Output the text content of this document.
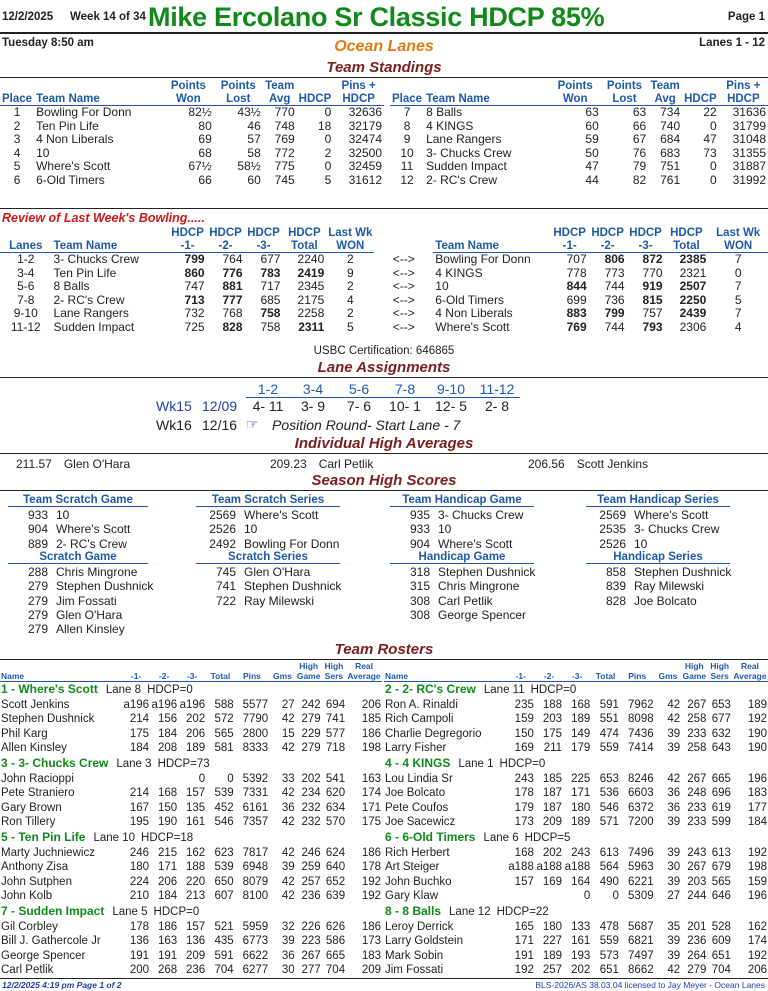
12/2/2025 Week 14 of 34 Mike Ercolano Sr Classic HDCP 85%	Page 1
Tuesday 8:50 am	Ocean Lanes	Lanes 1 - 12
Team Standings
		Points	Points	Team		Pins +
Place	Team Name	Won	Lost	Avg	HDCP	HDCP
1	Bowling For Donn	82½	43½	770	0	32636
2	Ten Pin Life	80	46	748	18	32179
3	4 Non Liberals	69	57	769	0	32474
4	10	68	58	772	2	32500
5	Where's Scott	67½	58½	775	0	32459
6	6-Old Timers	66	60	745	5	31612
		Points	Points	Team		Pins +
Place	Team Name	Won	Lost	Avg	HDCP	HDCP
7	8 Balls	63	63	734	22	31636
8	4 KINGS	60	66	740	0	31799
9	Lane Rangers	59	67	684	47	31048
10	3- Chucks Crew	50	76	683	73	31355
11	Sudden Impact	47	79	751	0	31887
12	2- RC's Crew	44	82	761	0	31992
Review of Last Week's Bowling.....
		HDCP	HDCP	HDCP	HDCP	Last Wk			HDCP	HDCP	HDCP	HDCP	Last Wk
Lanes	Team Name	-1-	-2-	-3-	Total	WON		Team Name	-1-	-2-	-3-	Total	WON
1-2	3- Chucks Crew	799	764	677	2240	2	<-->	Bowling For Donn	707	806	872	2385	7
3-4	Ten Pin Life	860	776	783	2419	9	<-->	4 KINGS	778	773	770	2321	0
5-6	8 Balls	747	881	717	2345	2	<-->	10	844	744	919	2507	7
7-8	2- RC's Crew	713	777	685	2175	4	<-->	6-Old Timers	699	736	815	2250	5
9-10	Lane Rangers	732	768	758	2258	2	<-->	4 Non Liberals	883	799	757	2439	7
11-12	Sudden Impact	725	828	758	2311	5	<-->	Where's Scott	769	744	793	2306	4
USBC Certification: 646865
Lane Assignments
1-2 3-4 5-6 7-8 9-10 11-12
Wk15 12/09	4- 11 3- 9 7- 6 10- 1 12- 5 2- 8
Wk16 12/16 ☞ Position Round- Start Lane - 7
Individual High Averages
211.57 Glen O'Hara	209.23 Carl Petlik	206.56 Scott Jenkins
Season High Scores
Team Scratch Game
933 10
904 Where's Scott
889 2- RC's Crew
Team Scratch Series
2569 Where's Scott
2526 10
2492 Bowling For Donn
Team Handicap Game
935 3- Chucks Crew
933 10
904 Where's Scott
Team Handicap Series
2569 Where's Scott
2535 3- Chucks Crew
2526 10
Scratch Game
288 Chris Mingrone
279 Stephen Dushnick
279 Jim Fossati
279 Glen O'Hara
279 Allen Kinsley
Scratch Series
745 Glen O'Hara
741 Stephen Dushnick
722 Ray Milewski
Handicap Game
318 Stephen Dushnick
315 Chris Mingrone
308 Carl Petlik
308 George Spencer
Handicap Series
858 Stephen Dushnick
839 Ray Milewski
828 Joe Bolcato
Team Rosters
							High	High	Real
Name	-1-	-2-	-3-	Total	Pins	Gms	Game	Sers	Average
1 - Where's Scott Lane 8 HDCP=0									
Scott Jenkins	a196	a196	a196	588	5577	27	242	694	206
Stephen Dushnick	214	156	202	572	7790	42	279	741	185
Phil Karg	175	184	206	565	2800	15	229	577	186
Allen Kinsley	184	208	189	581	8333	42	279	718	198
3 - 3- Chucks Crew Lane 3 HDCP=73									
John Racioppi			0	0	5392	33	202	541	163
Pete Straniero	214	168	157	539	7331	42	234	620	174
Gary Brown	167	150	135	452	6161	36	232	634	171
Ron Tillery	195	190	161	546	7357	42	232	570	175
5 - Ten Pin Life Lane 10 HDCP=18									
Marty Juchniewicz	246	215	162	623	7817	42	246	624	186
Anthony Zisa	180	171	188	539	6948	39	259	640	178
John Sutphen	224	206	220	650	8079	42	257	652	192
John Kolb	210	184	213	607	8100	42	236	639	192
7 - Sudden Impact Lane 5 HDCP=0									
Gil Corbley	178	186	157	521	5959	32	226	626	186
Bill J. Gathercole Jr	136	163	136	435	6773	39	223	586	173
George Spencer	191	191	209	591	6622	36	267	665	183
Carl Petlik	200	268	236	704	6277	30	277	704	209
							High	High	Real
Name	-1-	-2-	-3-	Total	Pins	Gms	Game	Sers	Average
2 - 2- RC's Crew Lane 11 HDCP=0									
Ron A. Rinaldi	235	188	168	591	7962	42	267	653	189
Rich Campoli	159	203	189	551	8098	42	258	677	192
Charlie Degregorio	150	175	149	474	7436	39	233	632	190
Larry Fisher	169	211	179	559	7414	39	258	643	190
4 - 4 KINGS Lane 1 HDCP=0									
Lou Lindia Sr	243	185	225	653	8246	42	267	665	196
Joe Bolcato	178	187	171	536	6603	36	248	696	183
Pete Coufos	179	187	180	546	6372	36	233	619	177
Joe Sacewicz	173	209	189	571	7200	39	233	599	184
6 - 6-Old Timers Lane 6 HDCP=5									
Rich Herbert	168	202	243	613	7496	39	243	613	192
Art Steiger	a188	a188	a188	564	5963	30	267	679	198
John Buchko	157	169	164	490	6221	39	203	565	159
Gary Klaw			0	0	5309	27	244	646	196
8 - 8 Balls Lane 12 HDCP=22									
Leroy Derrick	165	180	133	478	5687	35	201	528	162
Larry Goldstein	171	227	161	559	6821	39	236	609	174
Mark Sobin	191	189	193	573	7497	39	264	651	192
Jim Fossati	192	257	202	651	8662	42	279	704	206
12/2/2025 4:19 pm Page 1 of 2	BLS-2026/AS 38.03.04 licensed to Jay Meyer - Ocean Lanes
